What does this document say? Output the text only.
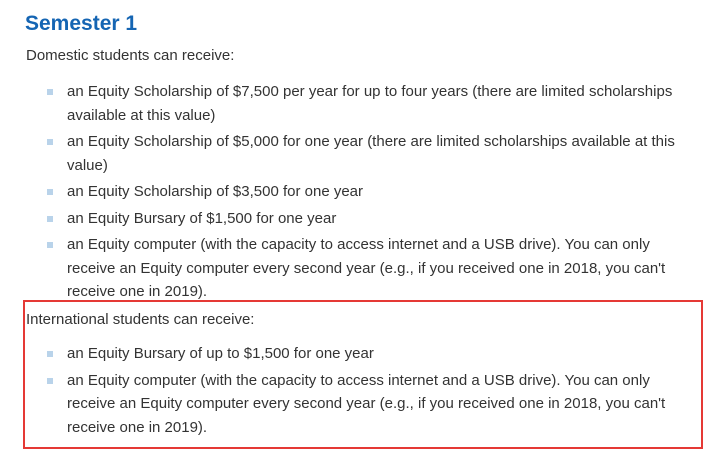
Semester 1

Domestic students can receive:

an Equity Scholarship of $7,500 per year for up to four years (there are limited scholarships available at this value)
an Equity Scholarship of $5,000 for one year (there are limited scholarships available at this value)
an Equity Scholarship of $3,500 for one year
an Equity Bursary of $1,500 for one year
an Equity computer (with the capacity to access internet and a USB drive). You can only receive an Equity computer every second year (e.g., if you received one in 2018, you can't receive one in 2019).

International students can receive:

an Equity Bursary of up to $1,500 for one year
an Equity computer (with the capacity to access internet and a USB drive). You can only receive an Equity computer every second year (e.g., if you received one in 2018, you can't receive one in 2019).
